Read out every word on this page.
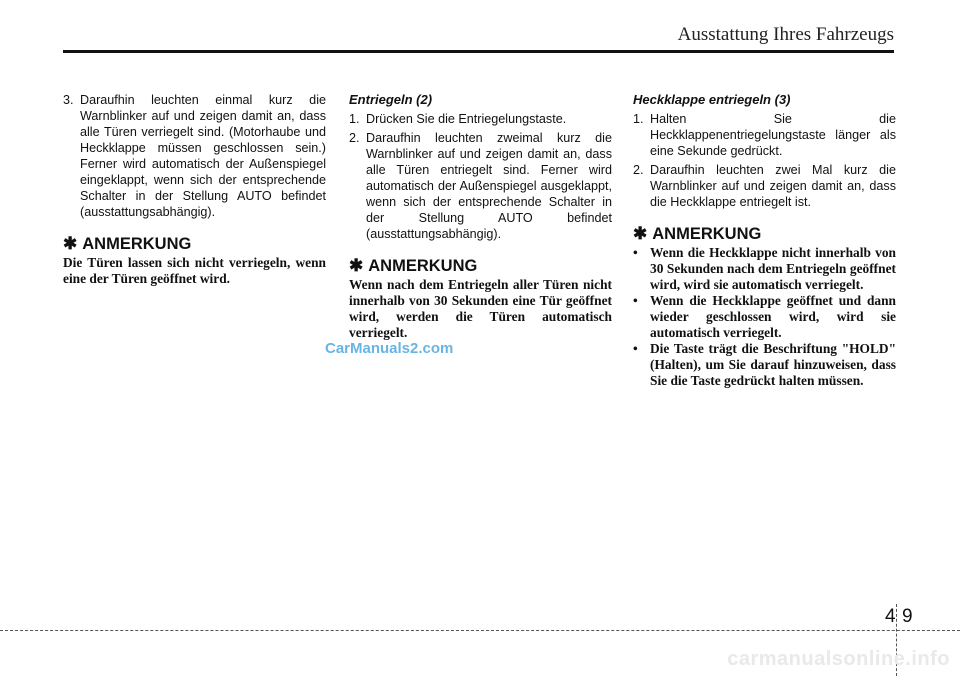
Ausstattung Ihres Fahrzeugs
3. Daraufhin leuchten einmal kurz die Warnblinker auf und zeigen damit an, dass alle Türen verriegelt sind. (Motorhaube und Heckklappe müssen geschlossen sein.) Ferner wird automatisch der Außenspiegel eingeklappt, wenn sich der entsprechende Schalter in der Stellung AUTO befindet (ausstattungsabhängig).
✱ ANMERKUNG
Die Türen lassen sich nicht verriegeln, wenn eine der Türen geöffnet wird.
Entriegeln (2)
1. Drücken Sie die Entriegelungstaste.
2. Daraufhin leuchten zweimal kurz die Warnblinker auf und zeigen damit an, dass alle Türen entriegelt sind. Ferner wird automatisch der Außenspiegel ausgeklappt, wenn sich der entsprechende Schalter in der Stellung AUTO befindet (ausstattungsabhängig).
✱ ANMERKUNG
Wenn nach dem Entriegeln aller Türen nicht innerhalb von 30 Sekunden eine Tür geöffnet wird, werden die Türen automatisch verriegelt.
Heckklappe entriegeln (3)
1. Halten Sie die Heckklappenentriegelungstaste länger als eine Sekunde gedrückt.
2. Daraufhin leuchten zwei Mal kurz die Warnblinker auf und zeigen damit an, dass die Heckklappe entriegelt ist.
✱ ANMERKUNG
• Wenn die Heckklappe nicht innerhalb von 30 Sekunden nach dem Entriegeln geöffnet wird, wird sie automatisch verriegelt.
• Wenn die Heckklappe geöffnet und dann wieder geschlossen wird, wird sie automatisch verriegelt.
• Die Taste trägt die Beschriftung "HOLD" (Halten), um Sie darauf hinzuweisen, dass Sie die Taste gedrückt halten müssen.
CarManuals2.com
4 9
carmanualsonline.info
